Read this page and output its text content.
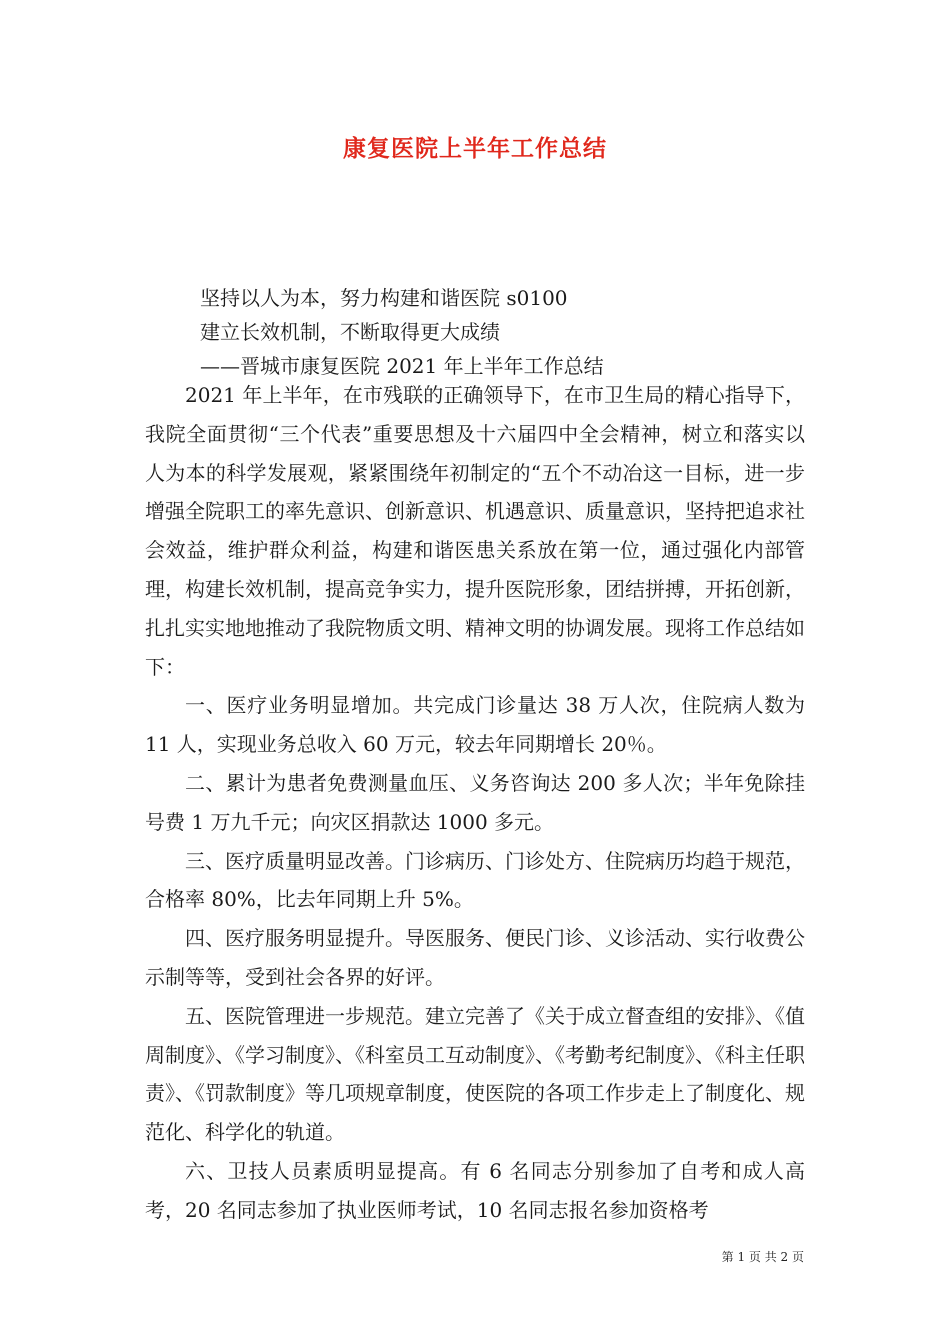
康复医院上半年工作总结
坚持以人为本，努力构建和谐医院 s0100
建立长效机制，不断取得更大成绩
——晋城市康复医院 2021 年上半年工作总结

2021 年上半年，在市残联的正确领导下，在市卫生局的精心指导下，我院全面贯彻“三个代表”重要思想及十六届四中全会精神，树立和落实以人为本的科学发展观，紧紧围绕年初制定的“五个不动冶这一目标，进一步增强全院职工的率先意识、创新意识、机遇意识、质量意识，坚持把追求社会效益，维护群众利益，构建和谐医患关系放在第一位，通过强化内部管理，构建长效机制，提高竞争实力，提升医院形象，团结拼搏，开拓创新，扎扎实实地地推动了我院物质文明、精神文明的协调发展。现将工作总结如下：

一、医疗业务明显增加。共完成门诊量达 38 万人次，住院病人数为 11 人，实现业务总收入 60 万元，较去年同期增长 20％。

二、累计为患者免费测量血压、义务咨询达 200 多人次；半年免除挂号费 1 万九千元；向灾区捐款达 1000 多元。

三、医疗质量明显改善。门诊病历、门诊处方、住院病历均趋于规范，合格率 80%，比去年同期上升 5%。

四、医疗服务明显提升。导医服务、便民门诊、义诊活动、实行收费公示制等等，受到社会各界的好评。

五、医院管理进一步规范。建立完善了《关于成立督查组的安排》、《值周制度》、《学习制度》、《科室员工互动制度》、《考勤考纪制度》、《科主任职责》、《罚款制度》等几项规章制度，使医院的各项工作步走上了制度化、规范化、科学化的轨道。

六、卫技人员素质明显提高。有 6 名同志分别参加了自考和成人高考，20 名同志参加了执业医师考试，10 名同志报名参加资格考

第 1 页 共 2 页
